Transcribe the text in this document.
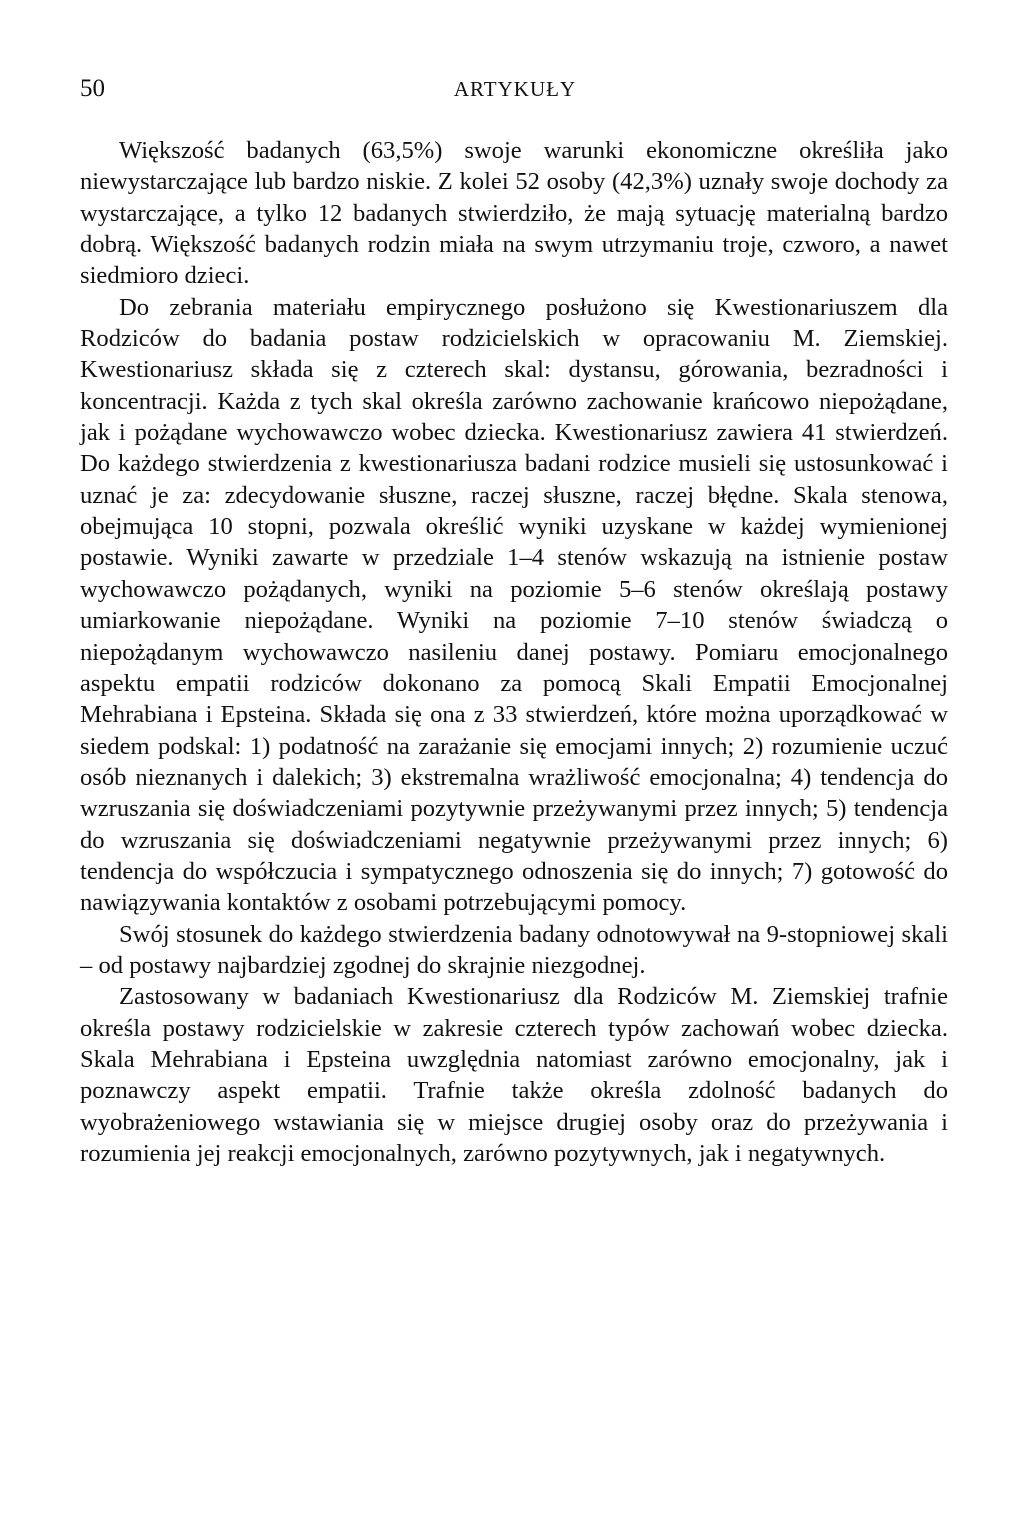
50	ARTYKUŁY

Większość badanych (63,5%) swoje warunki ekonomiczne określiła jako niewystarczające lub bardzo niskie. Z kolei 52 osoby (42,3%) uznały swoje dochody za wystarczające, a tylko 12 badanych stwierdziło, że mają sytuację materialną bardzo dobrą. Większość badanych rodzin miała na swym utrzymaniu troje, czworo, a nawet siedmioro dzieci.

Do zebrania materiału empirycznego posłużono się Kwestionariuszem dla Rodziców do badania postaw rodzicielskich w opracowaniu M. Ziemskiej. Kwestionariusz składa się z czterech skal: dystansu, górowania, bezradności i koncentracji. Każda z tych skal określa zarówno zachowanie krańcowo niepożądane, jak i pożądane wychowawczo wobec dziecka. Kwestionariusz zawiera 41 stwierdzeń. Do każdego stwierdzenia z kwestionariusza badani rodzice musieli się ustosunkować i uznać je za: zdecydowanie słuszne, raczej słuszne, raczej błędne. Skala stenowa, obejmująca 10 stopni, pozwala określić wyniki uzyskane w każdej wymienionej postawie. Wyniki zawarte w przedziale 1–4 stenów wskazują na istnienie postaw wychowawczo pożądanych, wyniki na poziomie 5–6 stenów określają postawy umiarkowanie niepożądane. Wyniki na poziomie 7–10 stenów świadczą o niepożądanym wychowawczo nasileniu danej postawy. Pomiaru emocjonalnego aspektu empatii rodziców dokonano za pomocą Skali Empatii Emocjonalnej Mehrabiana i Epsteina. Składa się ona z 33 stwierdzeń, które można uporządkować w siedem podskal: 1) podatność na zarażanie się emocjami innych; 2) rozumienie uczuć osób nieznanych i dalekich; 3) ekstremalna wrażliwość emocjonalna; 4) tendencja do wzruszania się doświadczeniami pozytywnie przeżywanymi przez innych; 5) tendencja do wzruszania się doświadczeniami negatywnie przeżywanymi przez innych; 6) tendencja do współczucia i sympatycznego odnoszenia się do innych; 7) gotowość do nawiązywania kontaktów z osobami potrzebującymi pomocy.

Swój stosunek do każdego stwierdzenia badany odnotowywał na 9-stopniowej skali – od postawy najbardziej zgodnej do skrajnie niezgodnej.

Zastosowany w badaniach Kwestionariusz dla Rodziców M. Ziemskiej trafnie określa postawy rodzicielskie w zakresie czterech typów zachowań wobec dziecka. Skala Mehrabiana i Epsteina uwzględnia natomiast zarówno emocjonalny, jak i poznawczy aspekt empatii. Trafnie także określa zdolność badanych do wyobrażeniowego wstawiania się w miejsce drugiej osoby oraz do przeżywania i rozumienia jej reakcji emocjonalnych, zarówno pozytywnych, jak i negatywnych.
